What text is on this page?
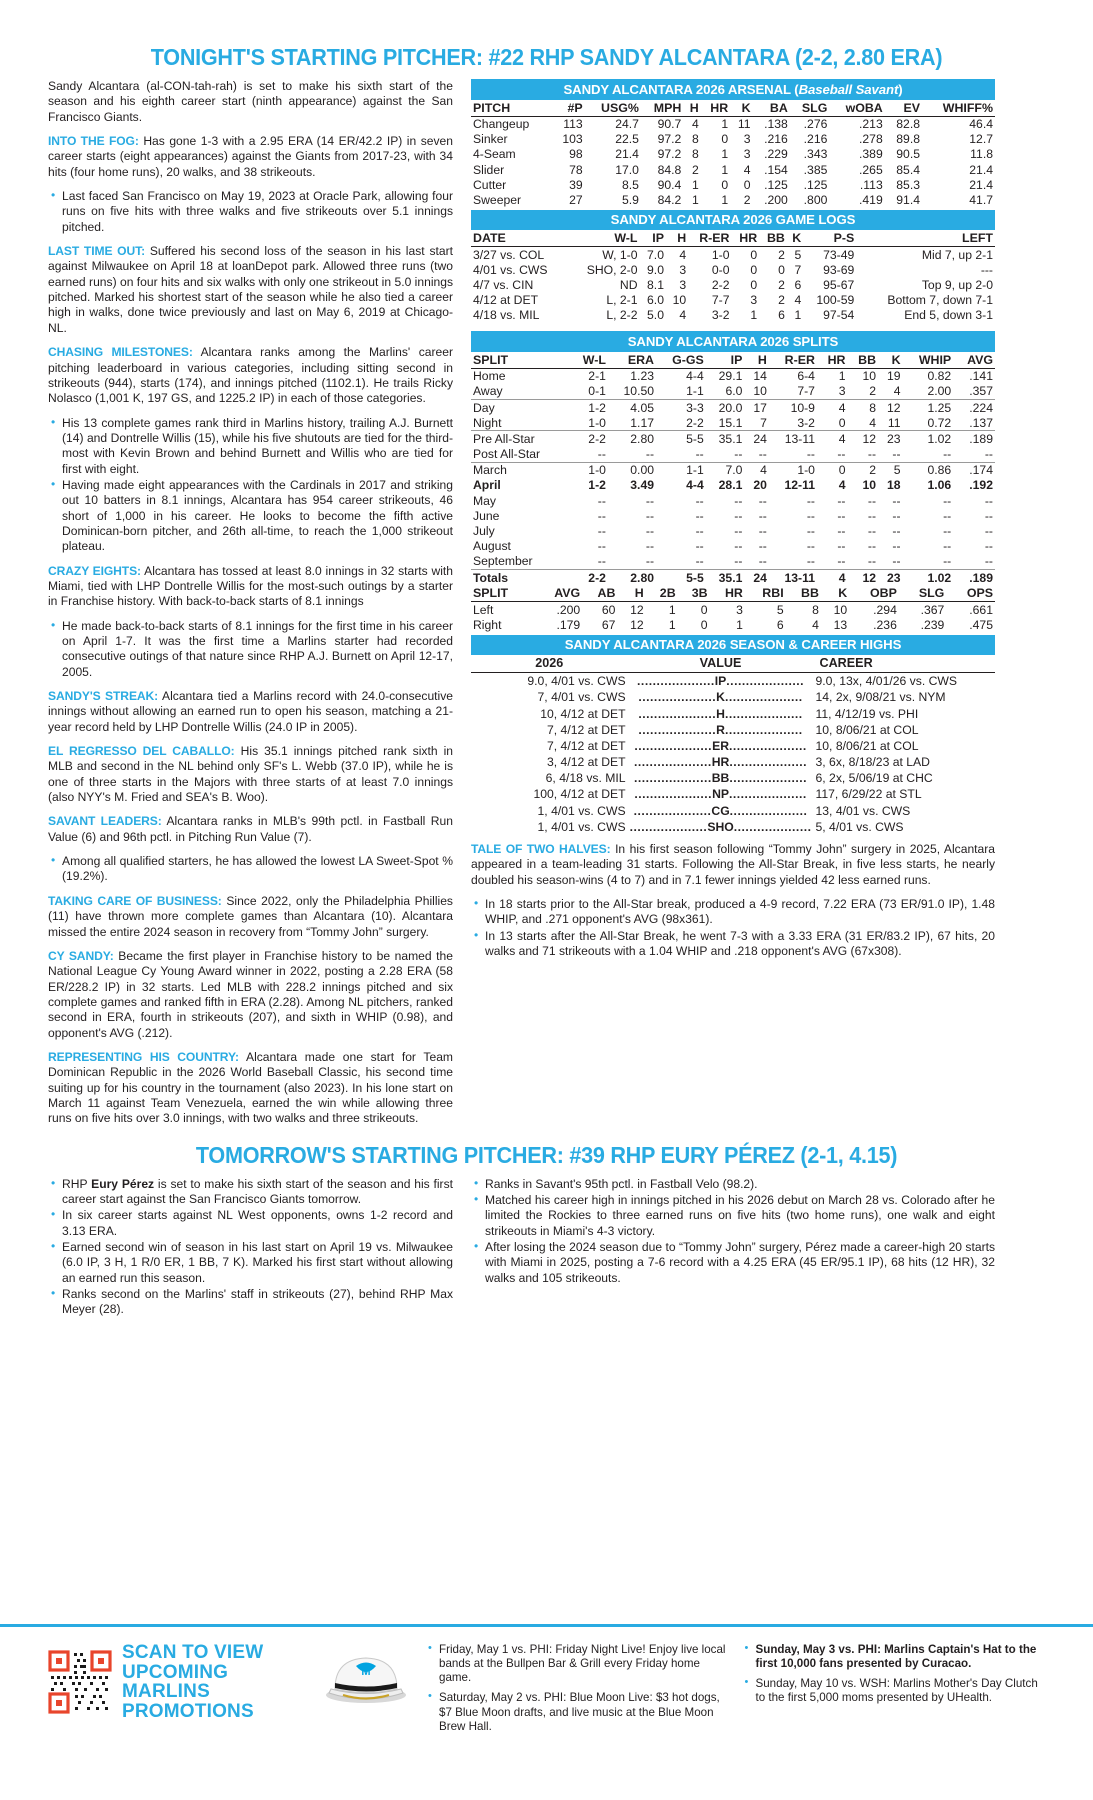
TONIGHT'S STARTING PITCHER: #22 RHP SANDY ALCANTARA (2-2, 2.80 ERA)

Sandy Alcantara (al-CON-tah-rah) is set to make his sixth start of the season and his eighth career start (ninth appearance) against the San Francisco Giants.

INTO THE FOG: Has gone 1-3 with a 2.95 ERA (14 ER/42.2 IP) in seven career starts (eight appearances) against the Giants from 2017-23, with 34 hits (four home runs), 20 walks, and 38 strikeouts.

• Last faced San Francisco on May 19, 2023 at Oracle Park, allowing four runs on five hits with three walks and five strikeouts over 5.1 innings pitched.

LAST TIME OUT: Suffered his second loss of the season in his last start against Milwaukee on April 18 at loanDepot park. Allowed three runs (two earned runs) on four hits and six walks with only one strikeout in 5.0 innings pitched. Marked his shortest start of the season while he also tied a career high in walks, done twice previously and last on May 6, 2019 at Chicago-NL.

CHASING MILESTONES: Alcantara ranks among the Marlins' career pitching leaderboard in various categories, including sitting second in strikeouts (944), starts (174), and innings pitched (1102.1). He trails Ricky Nolasco (1,001 K, 197 GS, and 1225.2 IP) in each of those categories.

• His 13 complete games rank third in Marlins history, trailing A.J. Burnett (14) and Dontrelle Willis (15), while his five shutouts are tied for the third-most with Kevin Brown and behind Burnett and Willis who are tied for first with eight.
• Having made eight appearances with the Cardinals in 2017 and striking out 10 batters in 8.1 innings, Alcantara has 954 career strikeouts, 46 short of 1,000 in his career. He looks to become the fifth active Dominican-born pitcher, and 26th all-time, to reach the 1,000 strikeout plateau.

CRAZY EIGHTS: Alcantara has tossed at least 8.0 innings in 32 starts with Miami, tied with LHP Dontrelle Willis for the most-such outings by a starter in Franchise history. With back-to-back starts of 8.1 innings

• He made back-to-back starts of 8.1 innings for the first time in his career on April 1-7. It was the first time a Marlins starter had recorded consecutive outings of that nature since RHP A.J. Burnett on April 12-17, 2005.

SANDY'S STREAK: Alcantara tied a Marlins record with 24.0-consecutive innings without allowing an earned run to open his season, matching a 21-year record held by LHP Dontrelle Willis (24.0 IP in 2005).

EL REGRESSO DEL CABALLO: His 35.1 innings pitched rank sixth in MLB and second in the NL behind only SF's L. Webb (37.0 IP), while he is one of three starts in the Majors with three starts of at least 7.0 innings (also NYY's M. Fried and SEA's B. Woo).

SAVANT LEADERS: Alcantara ranks in MLB's 99th pctl. in Fastball Run Value (6) and 96th pctl. in Pitching Run Value (7).

• Among all qualified starters, he has allowed the lowest LA Sweet-Spot % (19.2%).

TAKING CARE OF BUSINESS: Since 2022, only the Philadelphia Phillies (11) have thrown more complete games than Alcantara (10). Alcantara missed the entire 2024 season in recovery from “Tommy John” surgery.

CY SANDY: Became the first player in Franchise history to be named the National League Cy Young Award winner in 2022, posting a 2.28 ERA (58 ER/228.2 IP) in 32 starts. Led MLB with 228.2 innings pitched and six complete games and ranked fifth in ERA (2.28). Among NL pitchers, ranked second in ERA, fourth in strikeouts (207), and sixth in WHIP (0.98), and opponent's AVG (.212).

REPRESENTING HIS COUNTRY: Alcantara made one start for Team Dominican Republic in the 2026 World Baseball Classic, his second time suiting up for his country in the tournament (also 2023). In his lone start on March 11 against Team Venezuela, earned the win while allowing three runs on five hits over 3.0 innings, with two walks and three strikeouts.

SANDY ALCANTARA 2026 ARSENAL (Baseball Savant)
PITCH	#P	USG%	MPH	H	HR	K	BA	SLG	wOBA	EV	WHIFF%
Changeup	113	24.7	90.7	4	1	11	.138	.276	.213	82.8	46.4
Sinker	103	22.5	97.2	8	0	3	.216	.216	.278	89.8	12.7
4-Seam	98	21.4	97.2	8	1	3	.229	.343	.389	90.5	11.8
Slider	78	17.0	84.8	2	1	4	.154	.385	.265	85.4	21.4
Cutter	39	8.5	90.4	1	0	0	.125	.125	.113	85.3	21.4
Sweeper	27	5.9	84.2	1	1	2	.200	.800	.419	91.4	41.7
SANDY ALCANTARA 2026 GAME LOGS
DATE	W-L	IP	H	R-ER	HR	BB	K	P-S	LEFT
3/27 vs. COL	W, 1-0	7.0	4	1-0	0	2	5	73-49	Mid 7, up 2-1
4/01 vs. CWS	SHO, 2-0	9.0	3	0-0	0	0	7	93-69	---
4/7 vs. CIN	ND	8.1	3	2-2	0	2	6	95-67	Top 9, up 2-0
4/12 at DET	L, 2-1	6.0	10	7-7	3	2	4	100-59	Bottom 7, down 7-1
4/18 vs. MIL	L, 2-2	5.0	4	3-2	1	6	1	97-54	End 5, down 3-1
SANDY ALCANTARA 2026 SPLITS
SPLIT	W-L	ERA	G-GS	IP	H	R-ER	HR	BB	K	WHIP	AVG
Home	2-1	1.23	4-4	29.1	14	6-4	1	10	19	0.82	.141
Away	0-1	10.50	1-1	6.0	10	7-7	3	2	4	2.00	.357
Day	1-2	4.05	3-3	20.0	17	10-9	4	8	12	1.25	.224
Night	1-0	1.17	2-2	15.1	7	3-2	0	4	11	0.72	.137
Pre All-Star	2-2	2.80	5-5	35.1	24	13-11	4	12	23	1.02	.189
Post All-Star	--	--	--	--	--	--	--	--	--	--	--
March	1-0	0.00	1-1	7.0	4	1-0	0	2	5	0.86	.174
April	1-2	3.49	4-4	28.1	20	12-11	4	10	18	1.06	.192
May	--	--	--	--	--	--	--	--	--	--	--
June	--	--	--	--	--	--	--	--	--	--	--
July	--	--	--	--	--	--	--	--	--	--	--
August	--	--	--	--	--	--	--	--	--	--	--
September	--	--	--	--	--	--	--	--	--	--	--
Totals	2-2	2.80	5-5	35.1	24	13-11	4	12	23	1.02	.189
SPLIT	AVG	AB	H	2B	3B	HR	RBI	BB	K	OBP	SLG	OPS
Left	.200	60	12	1	0	3	5	8	10	.294	.367	.661
Right	.179	67	12	1	0	1	6	4	13	.236	.239	.475
SANDY ALCANTARA 2026 SEASON & CAREER HIGHS
2026	VALUE	CAREER
9.0, 4/01 vs. CWS	....................IP....................	9.0, 13x, 4/01/26 vs. CWS
7, 4/01 vs. CWS	....................K....................	14, 2x, 9/08/21 vs. NYM
10, 4/12 at DET	....................H....................	11, 4/12/19 vs. PHI
7, 4/12 at DET	....................R....................	10, 8/06/21 at COL
7, 4/12 at DET	....................ER....................	10, 8/06/21 at COL
3, 4/12 at DET	....................HR....................	3, 6x, 8/18/23 at LAD
6, 4/18 vs. MIL	....................BB....................	6, 2x, 5/06/19 at CHC
100, 4/12 at DET	....................NP....................	117, 6/29/22 at STL
1, 4/01 vs. CWS	....................CG....................	13, 4/01 vs. CWS
1, 4/01 vs. CWS	....................SHO....................	5, 4/01 vs. CWS

TALE OF TWO HALVES: In his first season following “Tommy John” surgery in 2025, Alcantara appeared in a team-leading 31 starts. Following the All-Star Break, in five less starts, he nearly doubled his season-wins (4 to 7) and in 7.1 fewer innings yielded 42 less earned runs.

• In 18 starts prior to the All-Star break, produced a 4-9 record, 7.22 ERA (73 ER/91.0 IP), 1.48 WHIP, and .271 opponent's AVG (98x361).
• In 13 starts after the All-Star Break, he went 7-3 with a 3.33 ERA (31 ER/83.2 IP), 67 hits, 20 walks and 71 strikeouts with a 1.04 WHIP and .218 opponent's AVG (67x308).
TOMORROW'S STARTING PITCHER: #39 RHP EURY PÉREZ (2-1, 4.15)
• RHP Eury Pérez is set to make his sixth start of the season and his first career start against the San Francisco Giants tomorrow.
• In six career starts against NL West opponents, owns 1-2 record and 3.13 ERA.
• Earned second win of season in his last start on April 19 vs. Milwaukee (6.0 IP, 3 H, 1 R/0 ER, 1 BB, 7 K). Marked his first start without allowing an earned run this season.
• Ranks second on the Marlins' staff in strikeouts (27), behind RHP Max Meyer (28).
• Ranks in Savant's 95th pctl. in Fastball Velo (98.2).
• Matched his career high in innings pitched in his 2026 debut on March 28 vs. Colorado after he limited the Rockies to three earned runs on five hits (two home runs), one walk and eight strikeouts in Miami's 4-3 victory.
• After losing the 2024 season due to “Tommy John” surgery, Pérez made a career-high 20 starts with Miami in 2025, posting a 7-6 record with a 4.25 ERA (45 ER/95.1 IP), 68 hits (12 HR), 32 walks and 105 strikeouts.
SCAN TO VIEW
UPCOMING
MARLINS
PROMOTIONS
M
• Friday, May 1 vs. PHI: Friday Night Live! Enjoy live local bands at the Bullpen Bar & Grill every Friday home game.
• Saturday, May 2 vs. PHI: Blue Moon Live: $3 hot dogs, $7 Blue Moon drafts, and live music at the Blue Moon Brew Hall.
• Sunday, May 3 vs. PHI: Marlins Captain's Hat to the first 10,000 fans presented by Curacao.
• Sunday, May 10 vs. WSH: Marlins Mother's Day Clutch to the first 5,000 moms presented by UHealth.
